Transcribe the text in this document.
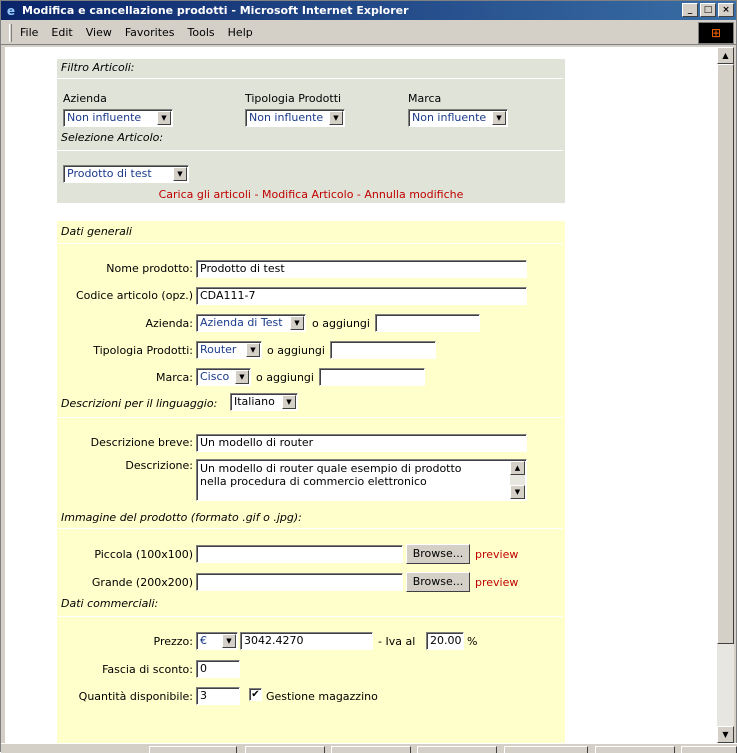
e Modifica e cancellazione prodotti - Microsoft Internet Explorer	_	□	×
File Edit View Favorites Tools Help	⊞
Filtro Articoli:
Azienda
Non influente	▼
Tipologia Prodotti
Non influente	▼
Marca
Non influente	▼
Selezione Articolo:
Prodotto di test	▼
Carica gli articoli - Modifica Articolo - Annulla modifiche
Dati generali
Nome prodotto: Prodotto di test
Codice articolo (opz.) CDA111-7
Azienda: Azienda di Test	▼	o aggiungi
Tipologia Prodotti: Router	▼	o aggiungi
Marca: Cisco	▼	o aggiungi
Descrizioni per il linguaggio:	Italiano	▼
Descrizione breve: Un modello di router
Descrizione: Un modello di router quale esempio di prodotto
nella procedura di commercio elettronico
▲
▼
Immagine del prodotto (formato .gif o .jpg):
Piccola (100x100)	Browse...	preview
Grande (200x200)	Browse...	preview
Dati commerciali:
Prezzo: €	▼	3042.4270	- Iva al	20.00 %
Fascia di sconto: 0
Quantità disponibile: 3	✔ Gestione magazzino
▲
▼
